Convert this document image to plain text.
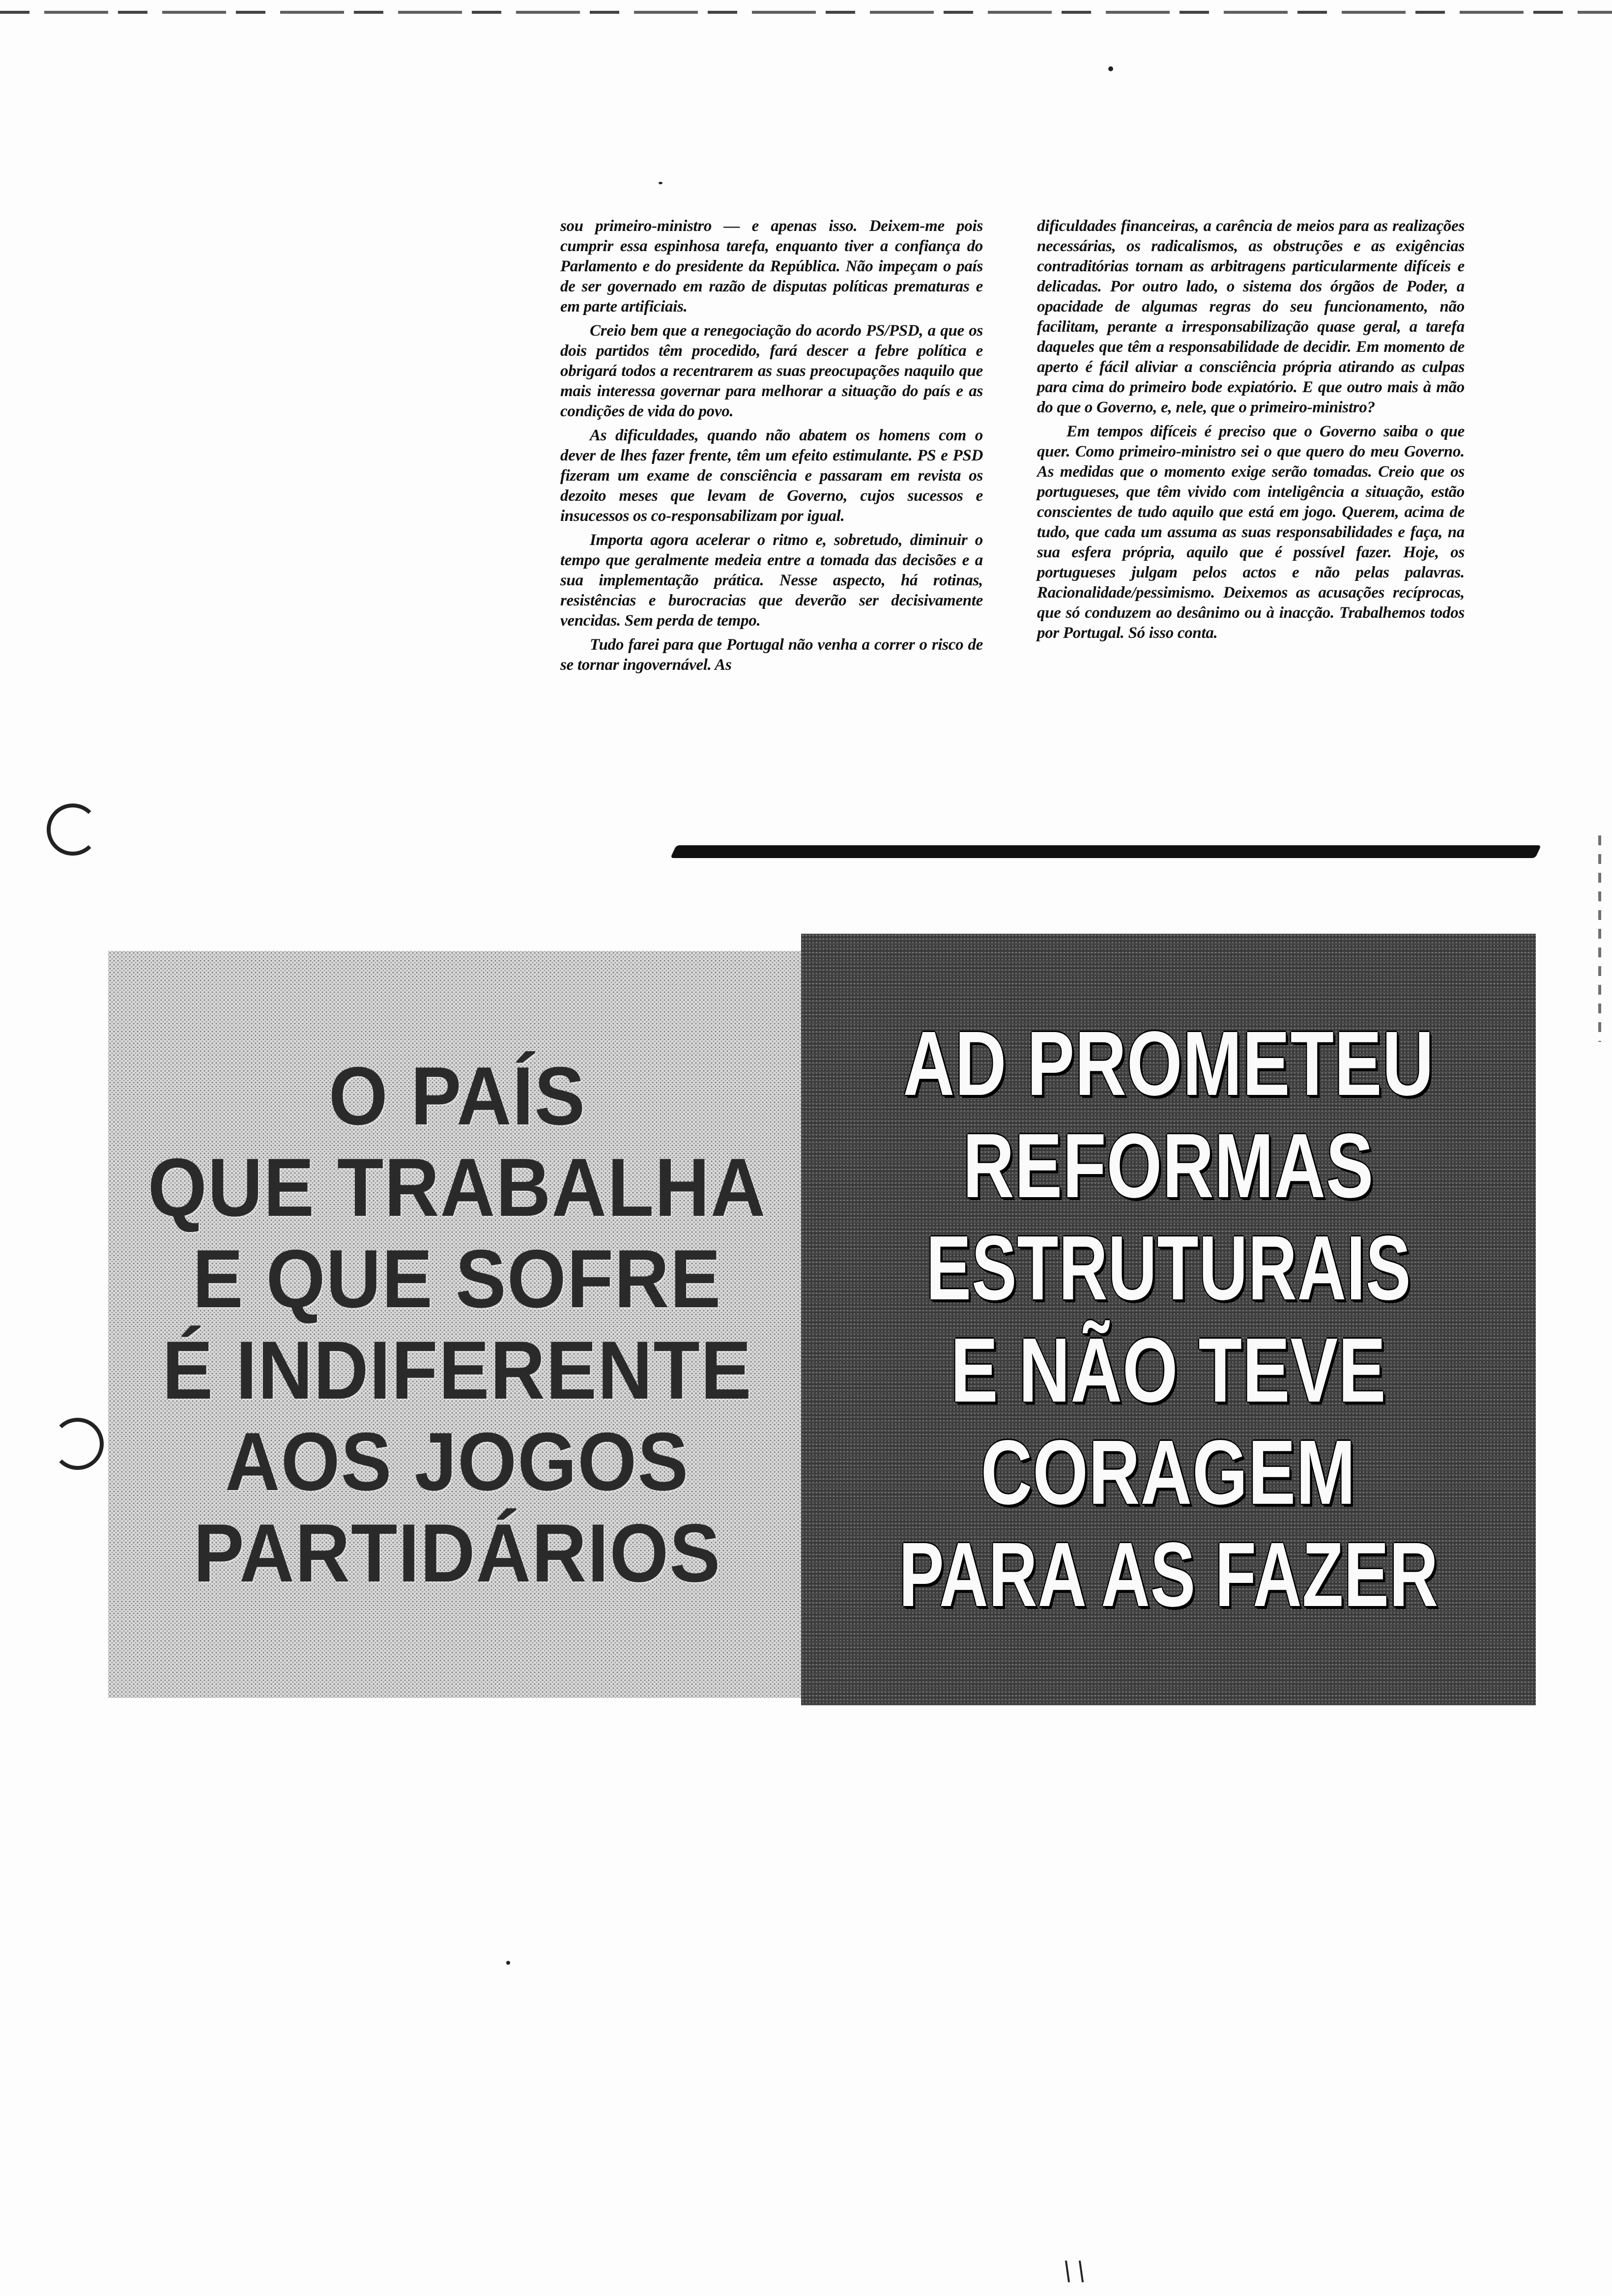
sou primeiro-ministro — e apenas isso. Deixem-me pois cumprir essa espinhosa tarefa, enquanto tiver a confiança do Parlamento e do presidente da República. Não impeçam o país de ser governado em razão de disputas políticas prematuras e em parte artificiais.

Creio bem que a renegociação do acordo PS/PSD, a que os dois partidos têm procedido, fará descer a febre política e obrigará todos a recentrarem as suas preocupações naquilo que mais interessa governar para melhorar a situação do país e as condições de vida do povo.

As dificuldades, quando não abatem os homens com o dever de lhes fazer frente, têm um efeito estimulante. PS e PSD fizeram um exame de consciência e passaram em revista os dezoito meses que levam de Governo, cujos sucessos e insucessos os co-responsabilizam por igual.

Importa agora acelerar o ritmo e, sobretudo, diminuir o tempo que geralmente medeia entre a tomada das decisões e a sua implementação prática. Nesse aspecto, há rotinas, resistências e burocracias que deverão ser decisivamente vencidas. Sem perda de tempo.

Tudo farei para que Portugal não venha a correr o risco de se tornar ingovernável. As

dificuldades financeiras, a carência de meios para as realizações necessárias, os radicalismos, as obstruções e as exigências contraditórias tornam as arbitragens particularmente difíceis e delicadas. Por outro lado, o sistema dos órgãos de Poder, a opacidade de algumas regras do seu funcionamento, não facilitam, perante a irresponsabilização quase geral, a tarefa daqueles que têm a responsabilidade de decidir. Em momento de aperto é fácil aliviar a consciência própria atirando as culpas para cima do primeiro bode expiatório. E que outro mais à mão do que o Governo, e, nele, que o primeiro-ministro?

Em tempos difíceis é preciso que o Governo saiba o que quer. Como primeiro-ministro sei o que quero do meu Governo. As medidas que o momento exige serão tomadas. Creio que os portugueses, que têm vivido com inteligência a situação, estão conscientes de tudo aquilo que está em jogo. Querem, acima de tudo, que cada um assuma as suas responsabilidades e faça, na sua esfera própria, aquilo que é possível fazer. Hoje, os portugueses julgam pelos actos e não pelas palavras. Racionalidade/pessimismo. Deixemos as acusações recíprocas, que só conduzem ao desânimo ou à inacção. Trabalhemos todos por Portugal. Só isso conta.

O PAÍS
QUE TRABALHA
E QUE SOFRE
É INDIFERENTE
AOS JOGOS
PARTIDÁRIOS
AD PROMETEU
REFORMAS
ESTRUTURAIS
E NÃO TEVE
CORAGEM
PARA AS FAZER
